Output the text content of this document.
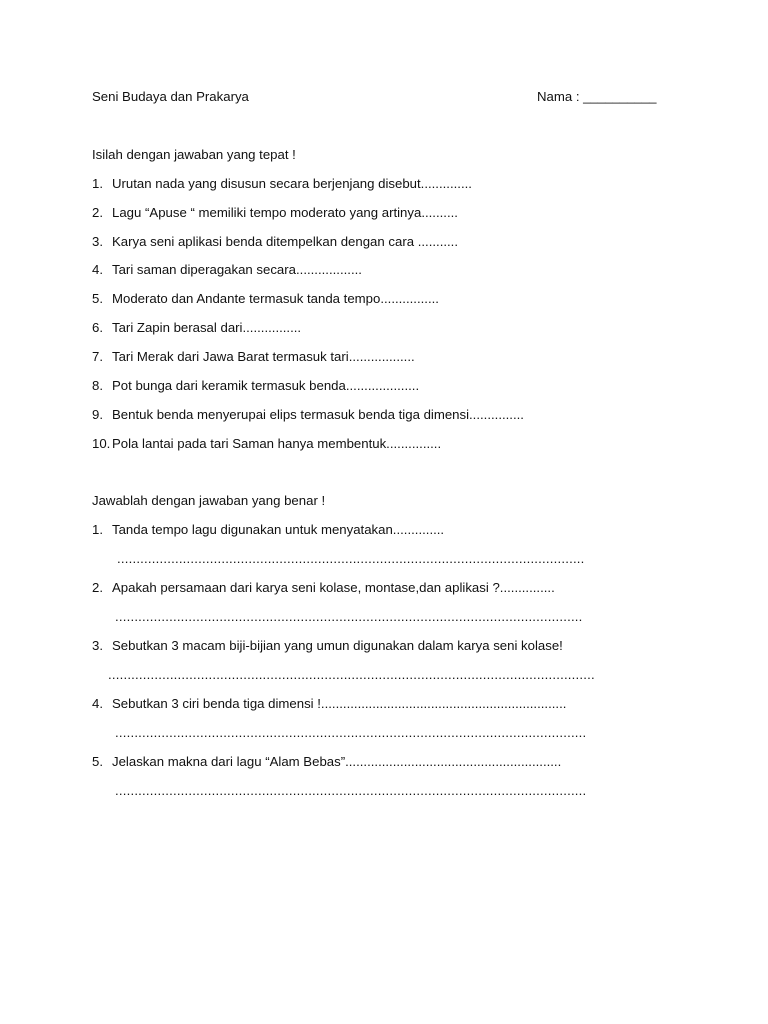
Seni Budaya dan Prakarya	Nama : __________
Isilah dengan jawaban yang tepat !
1. Urutan nada yang disusun secara berjenjang disebut..............
2. Lagu “Apuse “ memiliki tempo moderato yang artinya..........
3. Karya seni aplikasi benda ditempelkan dengan cara ...........
4. Tari saman diperagakan secara..................
5. Moderato dan Andante termasuk tanda tempo................
6. Tari Zapin berasal dari................
7. Tari Merak dari Jawa Barat termasuk tari..................
8. Pot bunga dari keramik termasuk benda....................
9. Bentuk benda menyerupai elips termasuk benda tiga dimensi...............
10. Pola lantai pada tari Saman hanya membentuk...............
Jawablah dengan jawaban yang benar !
1. Tanda tempo lagu digunakan untuk menyatakan..............
.........................................................................................................................
2. Apakah persamaan dari karya seni kolase, montase,dan aplikasi ?...............
.........................................................................................................................
3. Sebutkan 3 macam biji-bijian yang umun digunakan dalam karya seni kolase!
..............................................................................................................................
4. Sebutkan 3 ciri benda tiga dimensi !...................................................................
..........................................................................................................................
5. Jelaskan makna dari lagu “Alam Bebas”...........................................................
..........................................................................................................................
